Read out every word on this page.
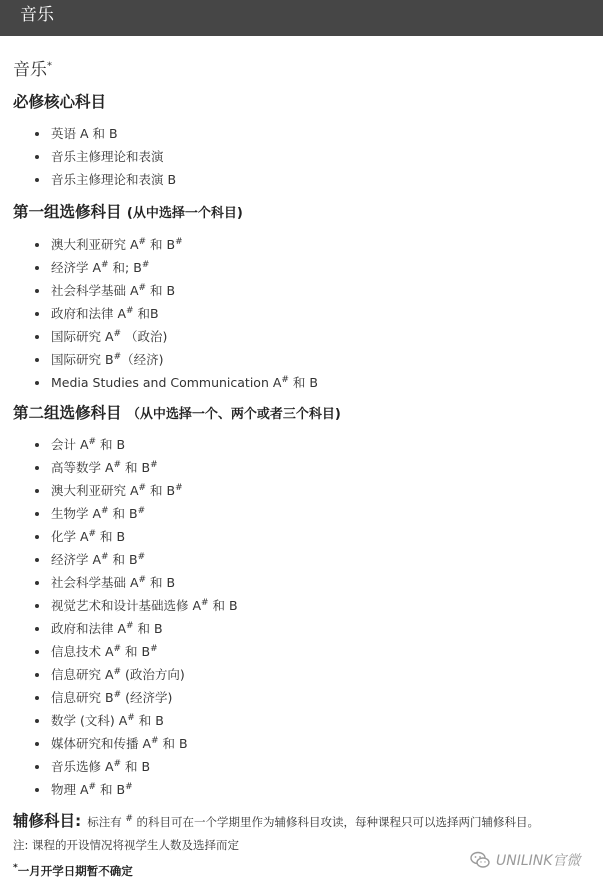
音乐
音乐*
必修核心科目
英语 A 和 B
音乐主修理论和表演
音乐主修理论和表演 B
第一组选修科目 (从中选择一个科目)
澳大利亚研究 A# 和 B#
经济学 A# 和; B#
社会科学基础 A# 和 B
政府和法律 A# 和B
国际研究 A# （政治)
国际研究 B#（经济)
Media Studies and Communication A# 和 B
第二组选修科目 （从中选择一个、两个或者三个科目)
会计 A# 和 B
高等数学 A# 和 B#
澳大利亚研究 A# 和 B#
生物学 A# 和 B#
化学 A# 和 B
经济学 A# 和 B#
社会科学基础 A# 和 B
视觉艺术和设计基础选修 A# 和 B
政府和法律 A# 和 B
信息技术 A# 和 B#
信息研究 A# (政治方向)
信息研究 B# (经济学)
数学 (文科) A# 和 B
媒体研究和传播 A# 和 B
音乐选修 A# 和 B
物理 A# 和 B#
辅修科目: 标注有 # 的科目可在一个学期里作为辅修科目攻读，每种课程只可以选择两门辅修科目。
注: 课程的开设情况将视学生人数及选择而定
*一月开学日期暂不确定
UNILINK官微
